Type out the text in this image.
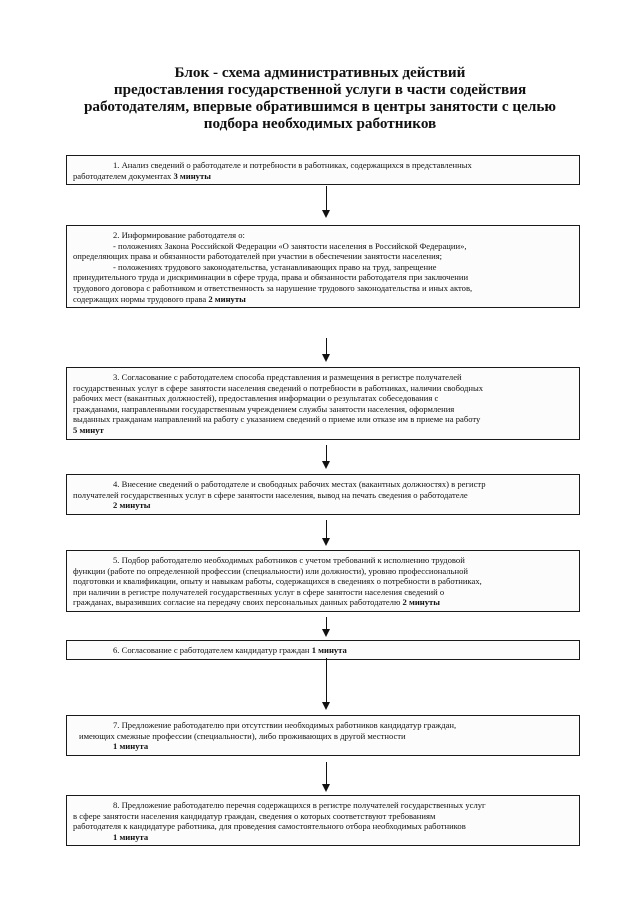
Блок - схема административных действий
предоставления государственной услуги в части содействия
работодателям, впервые обратившимся в центры занятости с целью
подбора необходимых работников
1. Анализ сведений о работодателе и потребности в работниках, содержащихся в представленных
работодателем документах 3 минуты
2. Информирование работодателя о:
- положениях Закона Российской Федерации «О занятости населения в Российской Федерации»,
определяющих права и обязанности работодателей при участии в обеспечении занятости населения;
- положениях трудового законодательства, устанавливающих право на труд, запрещение
принудительного труда и дискриминации в сфере труда, права и обязанности работодателя при заключении
трудового договора с работником и ответственность за нарушение трудового законодательства и иных актов,
содержащих нормы трудового права 2 минуты
3. Согласование с работодателем способа представления и размещения в регистре получателей
государственных услуг в сфере занятости населения сведений о потребности в работниках, наличии свободных
рабочих мест (вакантных должностей), предоставления информации о результатах собеседования с
гражданами, направленными государственным учреждением службы занятости населения, оформления
выданных гражданам направлений на работу с указанием сведений о приеме или отказе им в приеме на работу
5 минут
4. Внесение сведений о работодателе и свободных рабочих местах (вакантных должностях) в регистр
получателей государственных услуг в сфере занятости населения, вывод на печать сведения о работодателе
2 минуты
5. Подбор работодателю необходимых работников с учетом требований к исполнению трудовой
функции (работе по определенной профессии (специальности) или должности), уровню профессиональной
подготовки и квалификации, опыту и навыкам работы, содержащихся в сведениях о потребности в работниках,
при наличии в регистре получателей государственных услуг в сфере занятости населения сведений о
гражданах, выразивших согласие на передачу своих персональных данных работодателю 2 минуты
6. Согласование с работодателем кандидатур граждан 1 минута
7. Предложение работодателю при отсутствии необходимых работников кандидатур граждан,
имеющих смежные профессии (специальности), либо проживающих в другой местности
1 минута
8. Предложение работодателю перечня содержащихся в регистре получателей государственных услуг
в сфере занятости населения кандидатур граждан, сведения о которых соответствуют требованиям
работодателя к кандидатуре работника, для проведения самостоятельного отбора необходимых работников
1 минута
